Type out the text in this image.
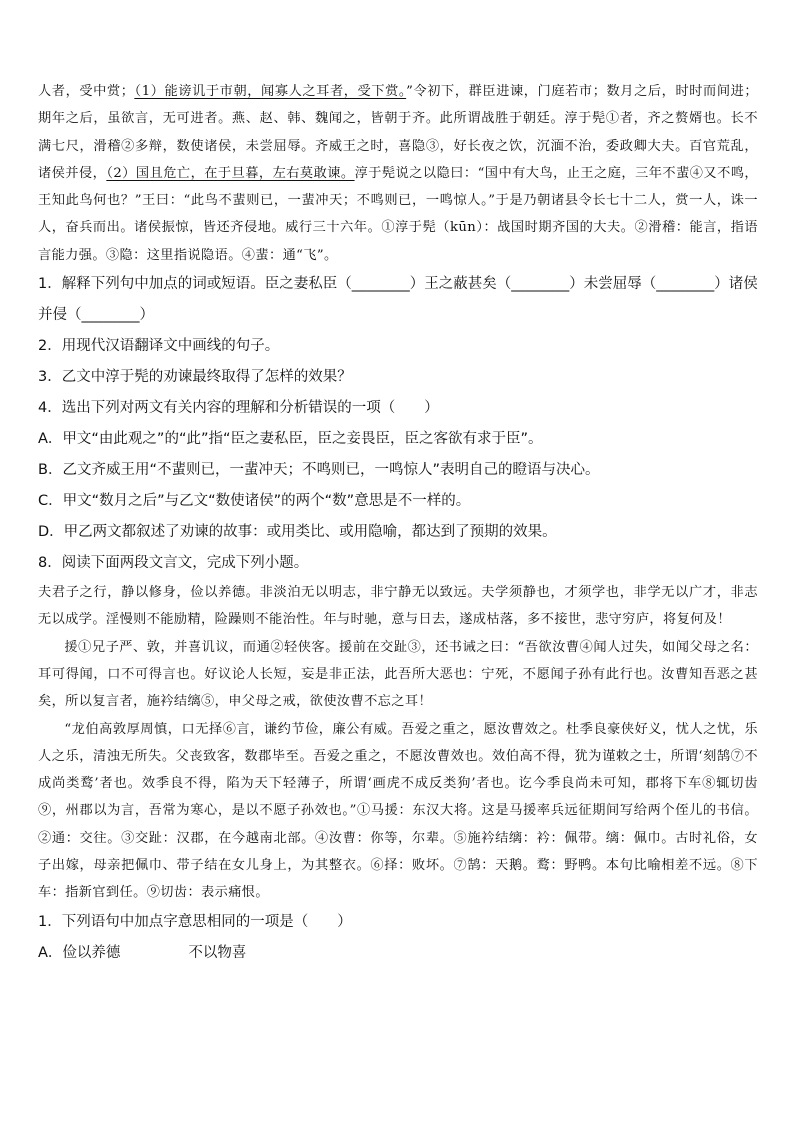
人者，受中赏；（1）能谤讥于市朝，闻寡人之耳者，受下赏。”令初下，群臣进谏，门庭若市；数月之后，时时而间进；期年之后，虽欲言，无可进者。燕、赵、韩、魏闻之，皆朝于齐。此所谓战胜于朝廷。淳于髡①者，齐之赘婿也。长不满七尺，滑稽②多辩，数使诸侯，未尝屈辱。齐威王之时，喜隐③，好长夜之饮，沉湎不治，委政卿大夫。百官荒乱，诸侯并侵，（2）国且危亡，在于旦暮，左右莫敢谏。淳于髡说之以隐曰：“国中有大鸟，止王之庭，三年不蜚④又不鸣，王知此鸟何也？”王曰：“此鸟不蜚则已，一蜚冲天；不鸣则已，一鸣惊人。”于是乃朝诸县令长七十二人，赏一人，诛一人，奋兵而出。诸侯振惊，皆还齐侵地。威行三十六年。①淳于髡（kūn）：战国时期齐国的大夫。②滑稽：能言，指语言能力强。③隐：这里指说隐语。④蜚：通“飞”。

1．解释下列句中加点的词或短语。臣之妻私臣（________）王之蔽甚矣（________）未尝屈辱（________）诸侯并侵（________）

2．用现代汉语翻译文中画线的句子。

3．乙文中淳于髡的劝谏最终取得了怎样的效果？

4．选出下列对两文有关内容的理解和分析错误的一项（　　）

A．甲文“由此观之”的“此”指“臣之妻私臣，臣之妾畏臣，臣之客欲有求于臣”。

B．乙文齐威王用“不蜚则已，一蜚冲天；不鸣则已，一鸣惊人”表明自己的瞪语与决心。

C．甲文“数月之后”与乙文“数使诸侯”的两个“数”意思是不一样的。

D．甲乙两文都叙述了劝谏的故事：或用类比、或用隐喻，都达到了预期的效果。

8．阅读下面两段文言文，完成下列小题。

夫君子之行，静以修身，俭以养德。非淡泊无以明志，非宁静无以致远。夫学须静也，才须学也，非学无以广才，非志无以成学。淫慢则不能励精，险躁则不能治性。年与时驰，意与日去，遂成枯落，多不接世，悲守穷庐，将复何及！

援①兄子严、敦，并喜讥议，而通②轻侠客。援前在交趾③，还书诫之曰：“吾欲汝曹④闻人过失，如闻父母之名：耳可得闻，口不可得言也。好议论人长短，妄是非正法，此吾所大恶也：宁死，不愿闻子孙有此行也。汝曹知吾恶之甚矣，所以复言者，施衿结缡⑤，申父母之戒，欲使汝曹不忘之耳！

“龙伯高敦厚周慎，口无择⑥言，谦约节俭，廉公有威。吾爱之重之，愿汝曹效之。杜季良豪侠好义，忧人之忧，乐人之乐，清浊无所失。父丧致客，数郡毕至。吾爱之重之，不愿汝曹效也。效伯高不得，犹为谨敕之士，所谓‘刻鹄⑦不成尚类鹜’者也。效季良不得，陷为天下轻薄子，所谓‘画虎不成反类狗’者也。讫今季良尚未可知，郡将下车⑧辄切齿⑨，州郡以为言，吾常为寒心，是以不愿子孙效也。”①马援：东汉大将。这是马援率兵远征期间写给两个侄儿的书信。②通：交往。③交趾：汉郡，在今越南北部。④汝曹：你等，尔辈。⑤施衿结缡：衿：佩带。缡：佩巾。古时礼俗，女子出嫁，母亲把佩巾、带子结在女儿身上，为其整衣。⑥择：败坏。⑦鹄：天鹅。鹜：野鸭。本句比喻相差不远。⑧下车：指新官到任。⑨切齿：表示痛恨。

1．下列语句中加点字意思相同的一项是（　　）

A．俭以养德	不以物喜
